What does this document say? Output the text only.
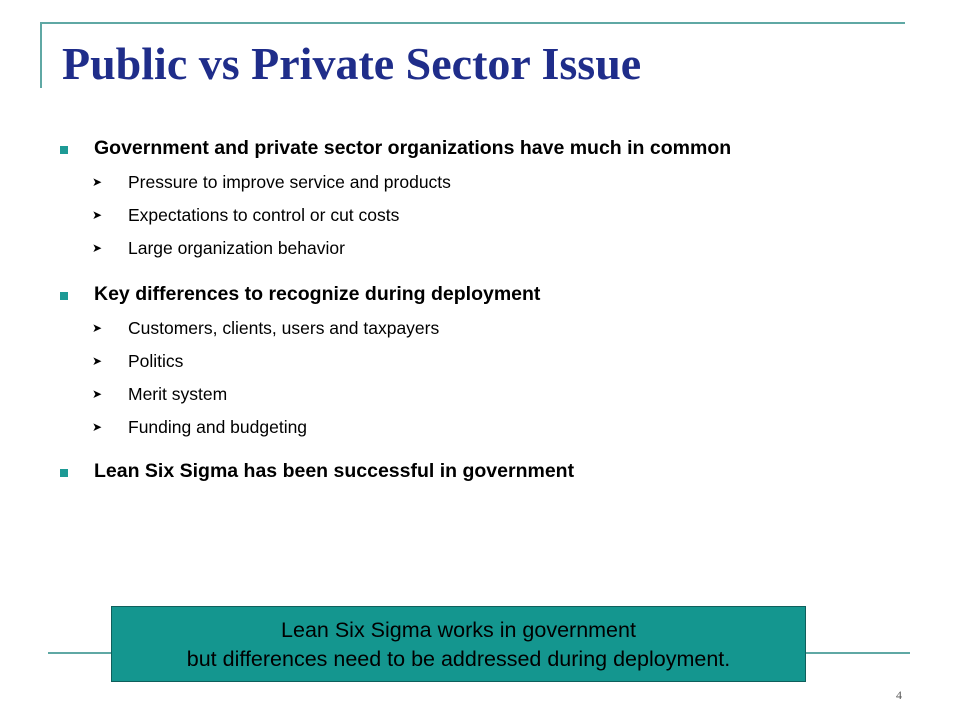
Public vs Private Sector Issue
Government and private sector organizations have much in common
➤ Pressure to improve service and products
➤ Expectations to control or cut costs
➤ Large organization behavior
Key differences to recognize during deployment
➤ Customers, clients, users and taxpayers
➤ Politics
➤ Merit system
➤ Funding and budgeting
Lean Six Sigma has been successful in government
Lean Six Sigma works in government
but differences need to be addressed during deployment.
4
